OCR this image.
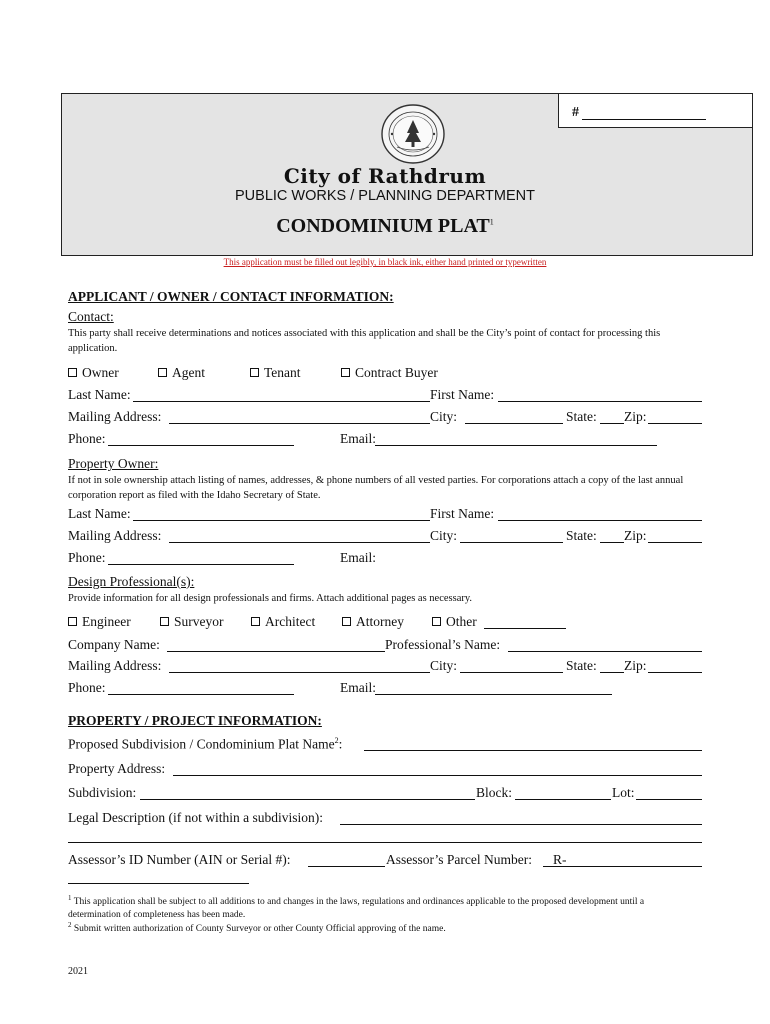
#
City of Rathdrum
PUBLIC WORKS / PLANNING DEPARTMENT
CONDOMINIUM PLAT$^1$
This application must be filled out legibly, in black ink, either hand printed or typewritten
APPLICANT / OWNER / CONTACT INFORMATION:
Contact:
This party shall receive determinations and notices associated with this application and shall be the City’s point of contact for processing this application.
Owner	Agent	Tenant	Contract Buyer
Last Name:	First Name:
Mailing Address:	City:	State: Zip:
Phone:	Email:
Property Owner:
If not in sole ownership attach listing of names, addresses, & phone numbers of all vested parties. For corporations attach a copy of the last annual corporation report as filed with the Idaho Secretary of State.
Last Name:	First Name:
Mailing Address:	City:	State: Zip:
Phone:	Email:
Design Professional(s):
Provide information for all design professionals and firms. Attach additional pages as necessary.
Engineer	Surveyor	Architect	Attorney	Other
Company Name:	Professional’s Name:
Mailing Address:	City:	State: Zip:
Phone:	Email:
PROPERTY / PROJECT INFORMATION:
Proposed Subdivision / Condominium Plat Name$^2$:
Property Address:
Subdivision:	Block:	Lot:
Legal Description (if not within a subdivision):
Assessor’s ID Number (AIN or Serial #):	Assessor’s Parcel Number: R-
$^1$ This application shall be subject to all additions to and changes in the laws, regulations and ordinances applicable to the proposed development until a determination of completeness has been made.
$^2$ Submit written authorization of County Surveyor or other County Official approving of the name.
2021
